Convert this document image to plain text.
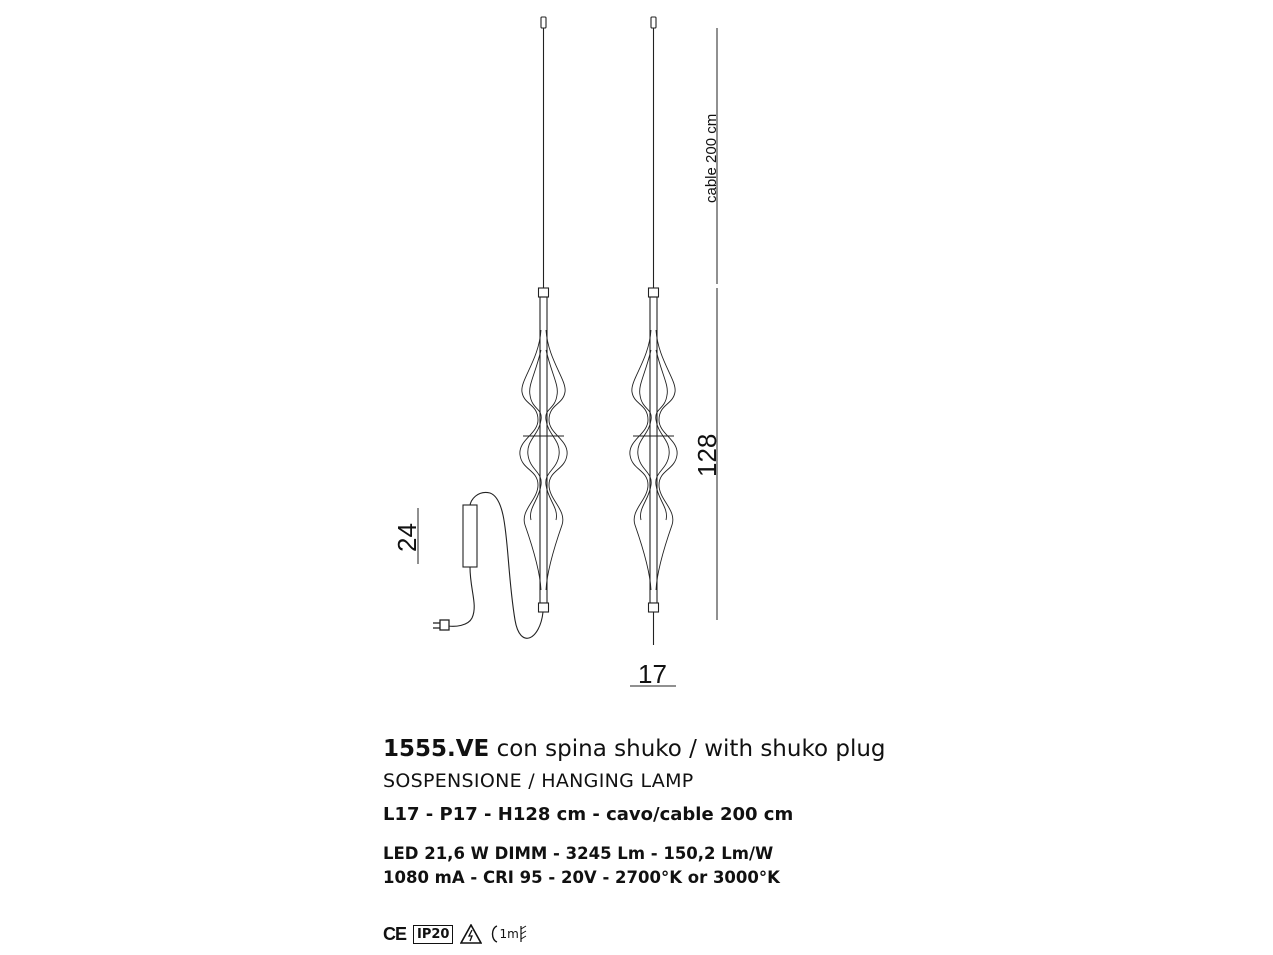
cable 200 cm
128
17
24
1555.VE con spina shuko / with shuko plug
SOSPENSIONE / HANGING LAMP
L17 - P17 - H128 cm - cavo/cable 200 cm
LED 21,6 W DIMM - 3245 Lm - 150,2 Lm/W
1080 mA - CRI 95 - 20V - 2700°K or 3000°K
CE IP20	1m
